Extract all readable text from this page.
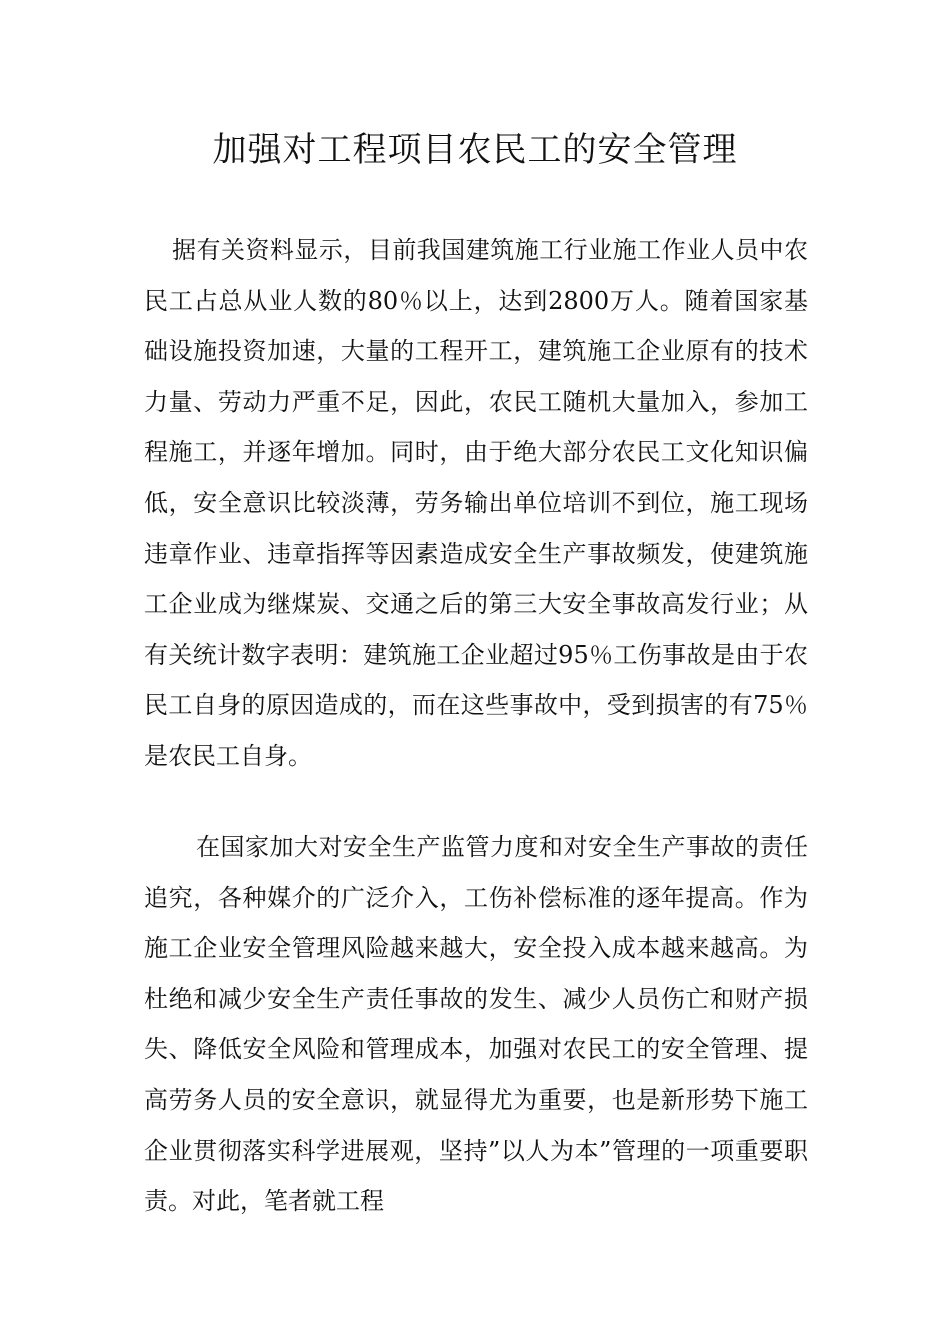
加强对工程项目农民工的安全管理

据有关资料显示，目前我国建筑施工行业施工作业人员中农民工占总从业人数的80％以上，达到2800万人。随着国家基础设施投资加速，大量的工程开工，建筑施工企业原有的技术力量、劳动力严重不足，因此，农民工随机大量加入，参加工程施工，并逐年增加。同时，由于绝大部分农民工文化知识偏低，安全意识比较淡薄，劳务输出单位培训不到位，施工现场违章作业、违章指挥等因素造成安全生产事故频发，使建筑施工企业成为继煤炭、交通之后的第三大安全事故高发行业；从有关统计数字表明：建筑施工企业超过95％工伤事故是由于农民工自身的原因造成的，而在这些事故中，受到损害的有75％是农民工自身。

在国家加大对安全生产监管力度和对安全生产事故的责任追究，各种媒介的广泛介入，工伤补偿标准的逐年提高。作为施工企业安全管理风险越来越大，安全投入成本越来越高。为杜绝和减少安全生产责任事故的发生、减少人员伤亡和财产损失、降低安全风险和管理成本，加强对农民工的安全管理、提高劳务人员的安全意识，就显得尤为重要，也是新形势下施工企业贯彻落实科学进展观，坚持”以人为本”管理的一项重要职责。对此，笔者就工程
